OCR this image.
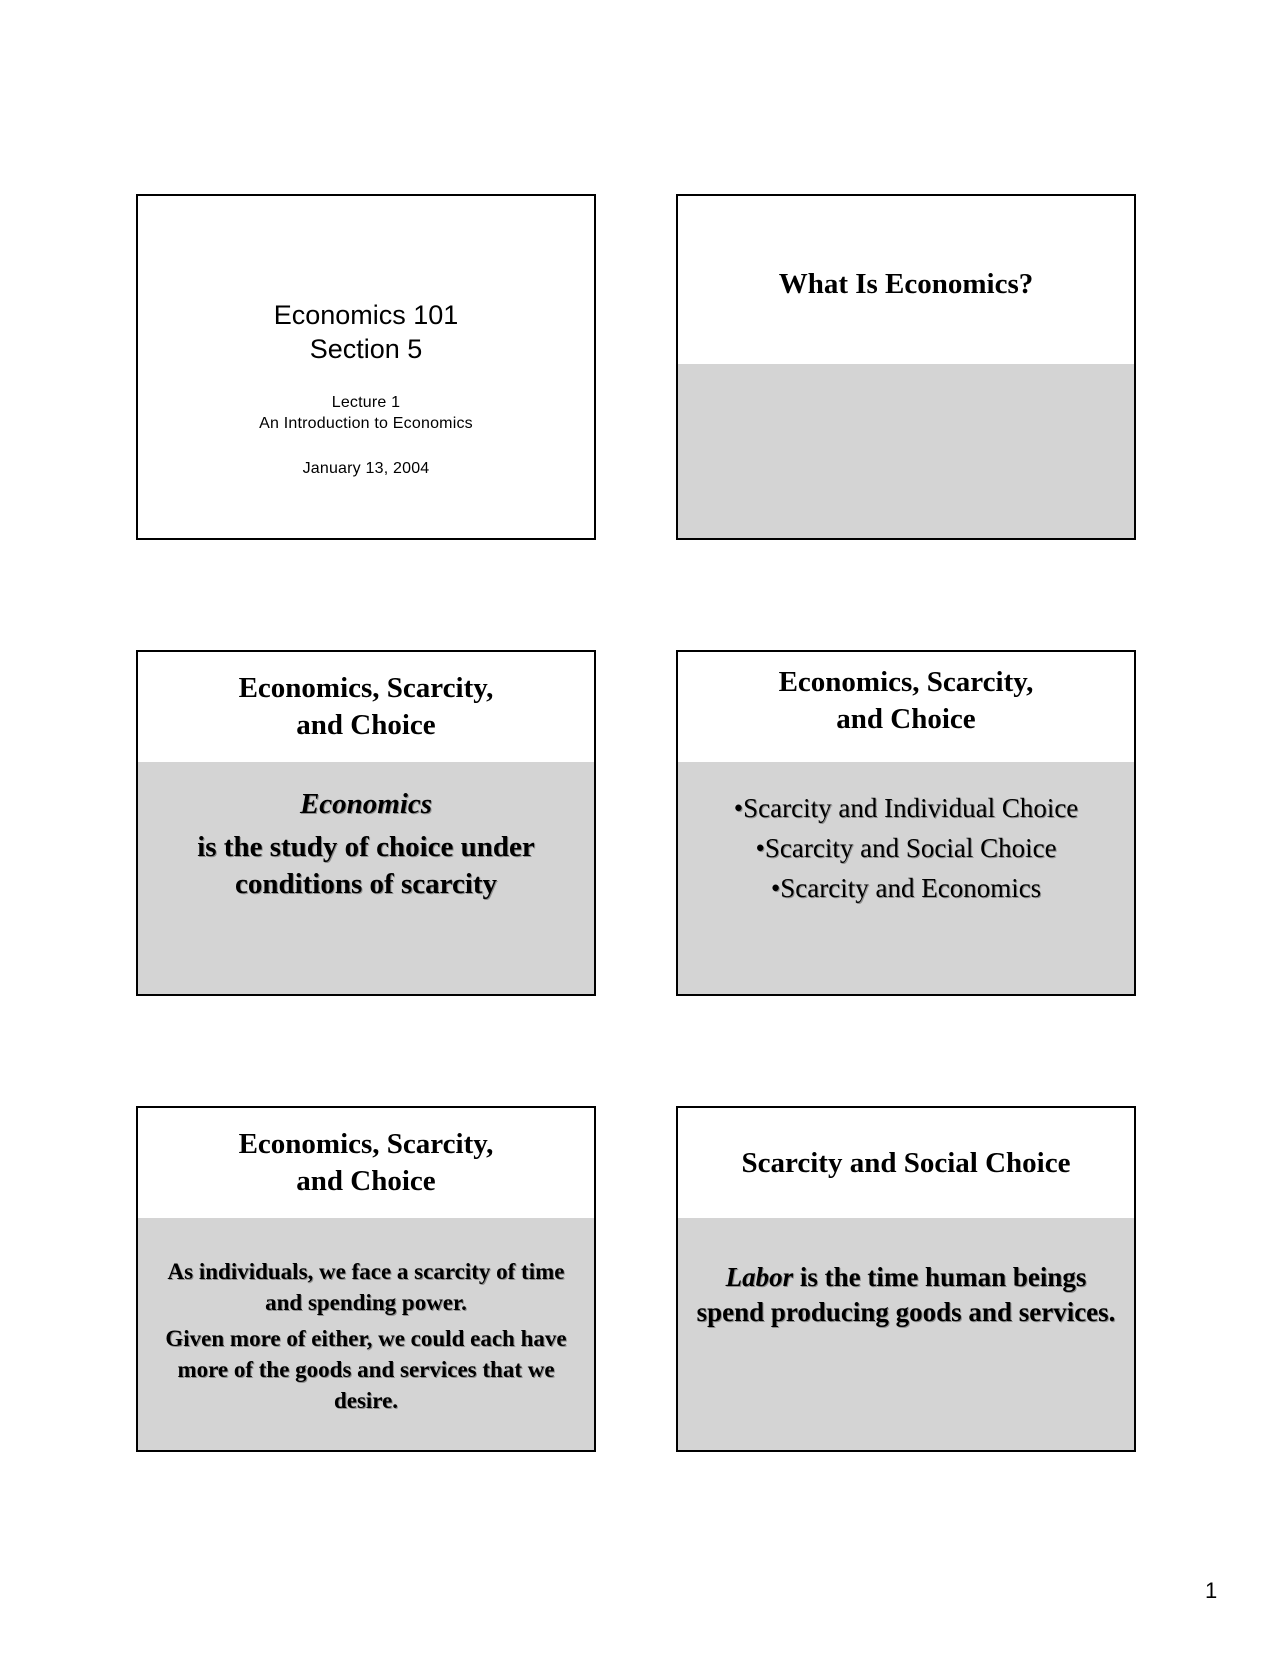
Economics 101
Section 5
Lecture 1
An Introduction to Economics
January 13, 2004
What Is Economics?
Economics, Scarcity,
and Choice
Economics
is the study of choice under
conditions of scarcity
Economics, Scarcity,
and Choice
•Scarcity and Individual Choice
•Scarcity and Social Choice
•Scarcity and Economics
Economics, Scarcity,
and Choice
As individuals, we face a scarcity of time
and spending power.
Given more of either, we could each have
more of the goods and services that we
desire.
Scarcity and Social Choice
Labor is the time human beings
spend producing goods and services.
1
